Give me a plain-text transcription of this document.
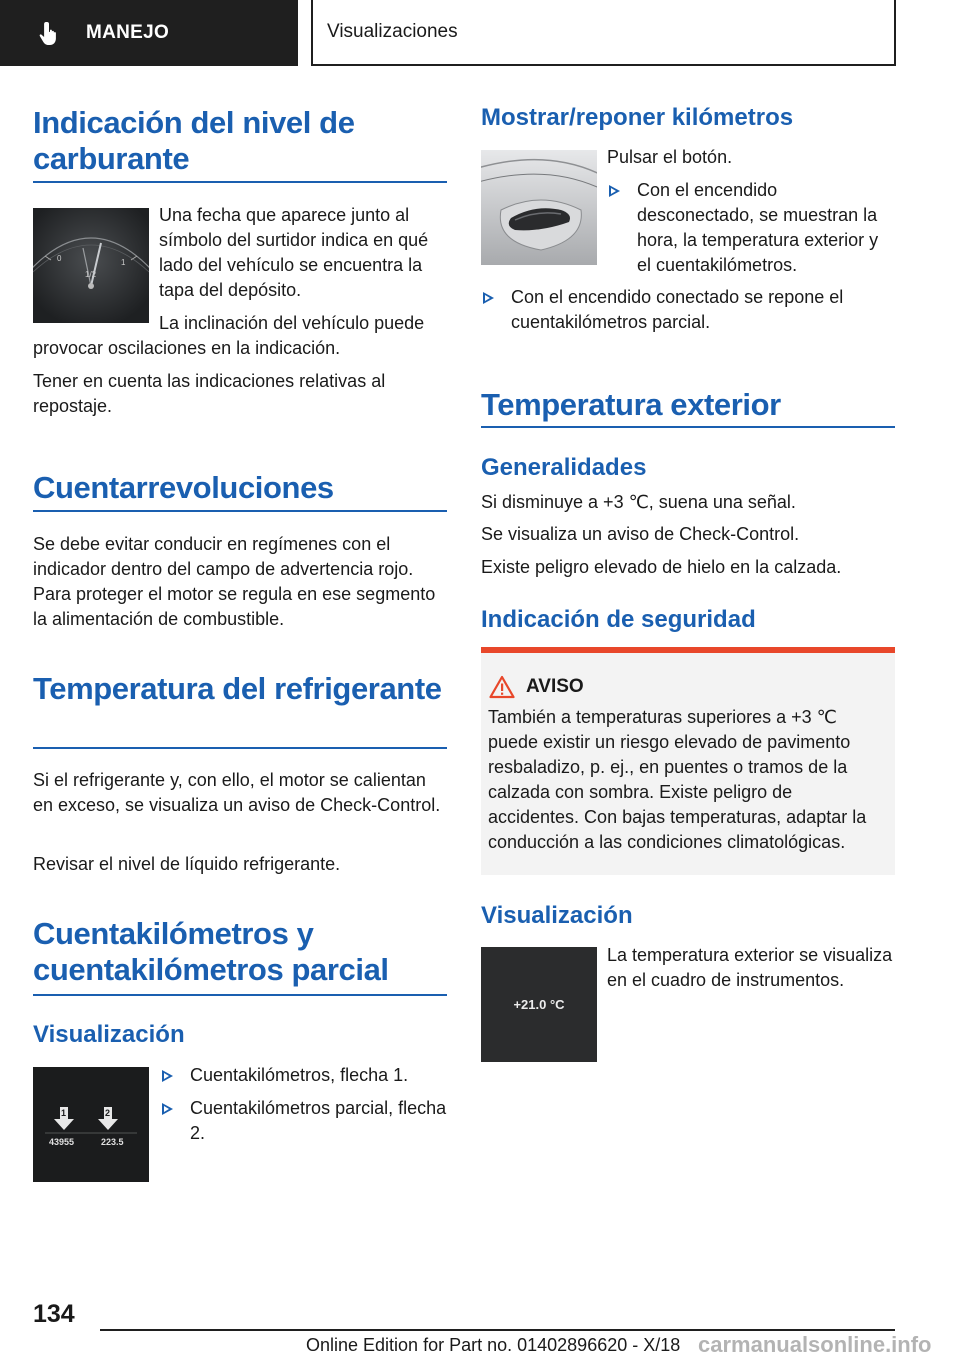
MANEJO	Visualizaciones
Indicación del nivel de carburante
0
1/2
1

Una fecha que aparece junto al símbolo del surtidor indica en qué lado del vehículo se encuentra la tapa del depósito.

La inclinación del vehículo puede provocar oscilaciones en la indicación.

Tener en cuenta las indicaciones relativas al repostaje.

Cuentarrevoluciones

Se debe evitar conducir en regímenes con el indicador dentro del campo de advertencia rojo. Para proteger el motor se regula en ese segmento la alimentación de combustible.

Temperatura del refrigerante

Si el refrigerante y, con ello, el motor se calientan en exceso, se visualiza un aviso de Check-Control.

Revisar el nivel de líquido refrigerante.

Cuentakilómetros y cuentakilómetros parcial
Visualización
1	2
43955	223.5
Cuentakilómetros, flecha 1.
Cuentakilómetros parcial, flecha 2.
Mostrar/reponer kilómetros

Pulsar el botón.

Con el encendido desconectado, se muestran la hora, la temperatura exterior y el cuentakilómetros.
Con el encendido conectado se repone el cuentakilómetros parcial.
Temperatura exterior
Generalidades

Si disminuye a +3 ℃, suena una señal.

Se visualiza un aviso de Check-Control.

Existe peligro elevado de hielo en la calzada.

Indicación de seguridad
AVISO

También a temperaturas superiores a +3 ℃ puede existir un riesgo elevado de pavimento resbaladizo, p. ej., en puentes o tramos de la calzada con sombra. Existe peligro de accidentes. Con bajas temperaturas, adaptar la conducción a las condiciones climatológicas.

Visualización
+21.0 °C

La temperatura exterior se visualiza en el cuadro de instrumentos.

134
Online Edition for Part no. 01402896620 - X/18 carmanualsonline.info
